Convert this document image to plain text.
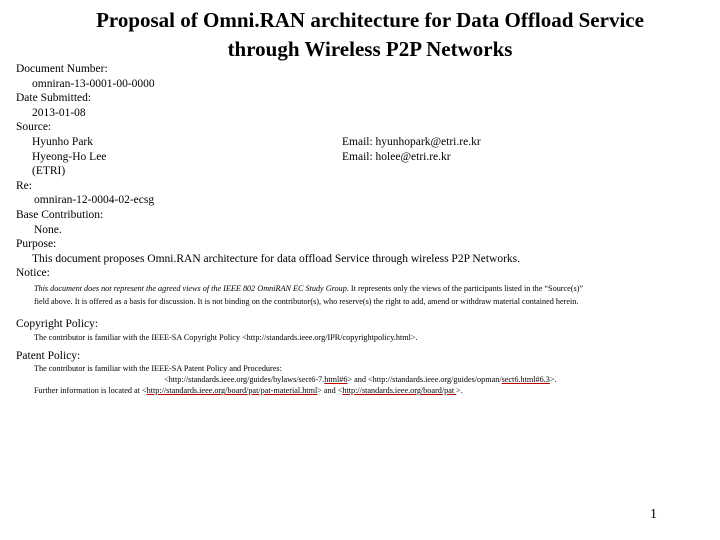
Proposal of Omni.RAN architecture for Data Offload Service
through Wireless P2P Networks
Document Number:
omniran-13-0001-00-0000
Date Submitted:
2013-01-08
Source:
Hyunho Park	Email: hyunhopark@etri.re.kr
Hyeong-Ho Lee	Email: holee@etri.re.kr
(ETRI)
Re:
omniran-12-0004-02-ecsg
Base Contribution:
None.
Purpose:
This document proposes Omni.RAN architecture for data offload Service through wireless P2P Networks.
Notice:
This document does not represent the agreed views of the IEEE 802 OmniRAN EC Study Group. It represents only the views of the participants listed in the “Source(s)”
field above. It is offered as a basis for discussion. It is not binding on the contributor(s), who reserve(s) the right to add, amend or withdraw material contained herein.
Copyright Policy:
The contributor is familiar with the IEEE-SA Copyright Policy <http://standards.ieee.org/IPR/copyrightpolicy.html>.
Patent Policy:
The contributor is familiar with the IEEE-SA Patent Policy and Procedures:
<http://standards.ieee.org/guides/bylaws/sect6-7.html#6> and <http://standards.ieee.org/guides/opman/sect6.html#6.3>.
Further information is located at <http://standards.ieee.org/board/pat/pat-material.html> and <http://standards.ieee.org/board/pat >.
1
